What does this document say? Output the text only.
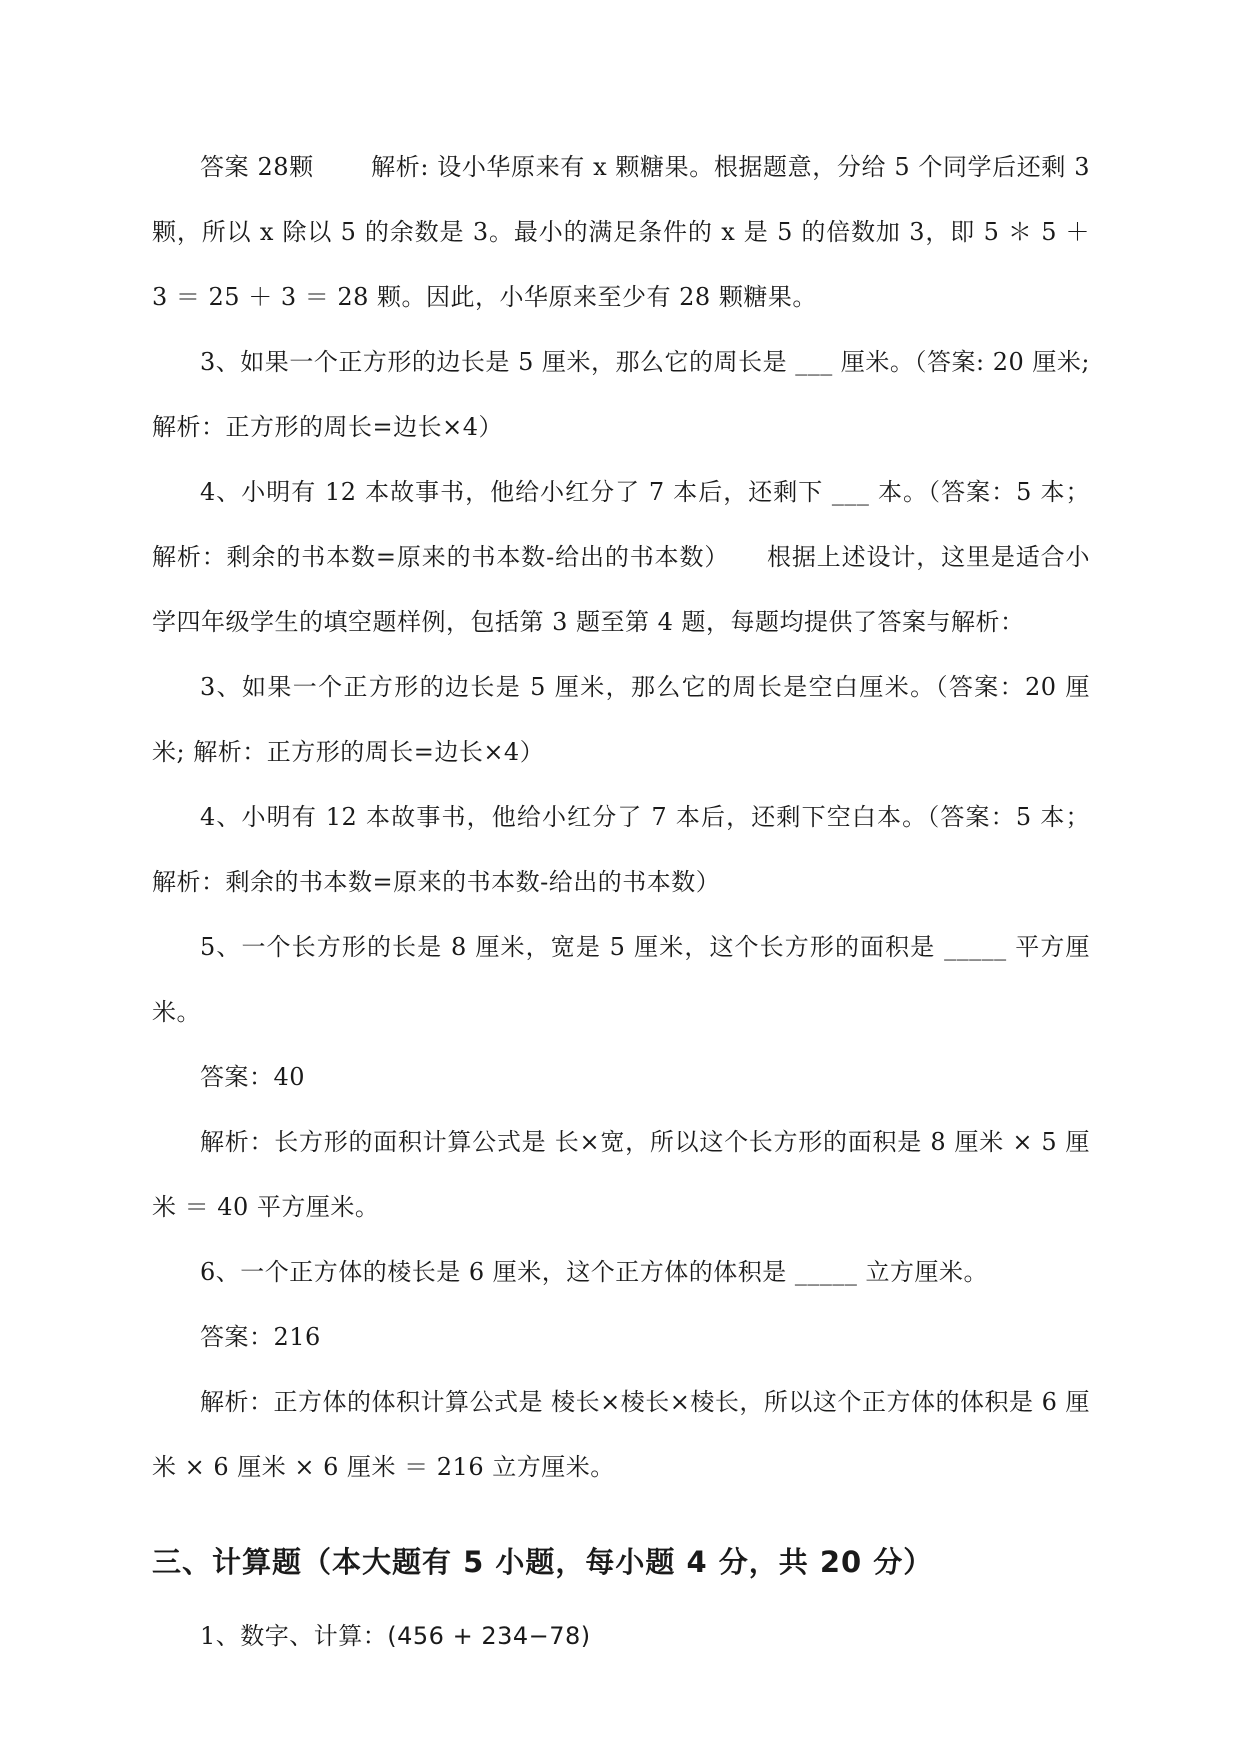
答案 28颗　　 解析: 设小华原来有 x 颗糖果。根据题意，分给 5 个同学后还剩 3 颗，所以 x 除以 5 的余数是 3。最小的满足条件的 x 是 5 的倍数加 3，即 5 ＊ 5 ＋ 3 ＝ 25 ＋ 3 ＝ 28 颗。因此，小华原来至少有 28 颗糖果。

3、如果一个正方形的边长是 5 厘米，那么它的周长是 ___ 厘米。（答案: 20 厘米; 解析：正方形的周长=边长×4）

4、小明有 12 本故事书，他给小红分了 7 本后，还剩下 ___ 本。（答案：5 本；解析：剩余的书本数=原来的书本数-给出的书本数）　　根据上述设计，这里是适合小学四年级学生的填空题样例，包括第 3 题至第 4 题，每题均提供了答案与解析：

3、如果一个正方形的边长是 5 厘米，那么它的周长是空白厘米。（答案：20 厘米; 解析：正方形的周长=边长×4）

4、小明有 12 本故事书，他给小红分了 7 本后，还剩下空白本。（答案：5 本；解析：剩余的书本数=原来的书本数-给出的书本数）

5、一个长方形的长是 8 厘米，宽是 5 厘米，这个长方形的面积是 _____ 平方厘米。

答案：40

解析：长方形的面积计算公式是 长×宽，所以这个长方形的面积是 8 厘米 × 5 厘米 ＝ 40 平方厘米。

6、一个正方体的棱长是 6 厘米，这个正方体的体积是 _____ 立方厘米。

答案：216

解析：正方体的体积计算公式是 棱长×棱长×棱长，所以这个正方体的体积是 6 厘米 × 6 厘米 × 6 厘米 ＝ 216 立方厘米。

三、计算题（本大题有 5 小题，每小题 4 分，共 20 分）

1、数字、计算：(456 + 234−78)
